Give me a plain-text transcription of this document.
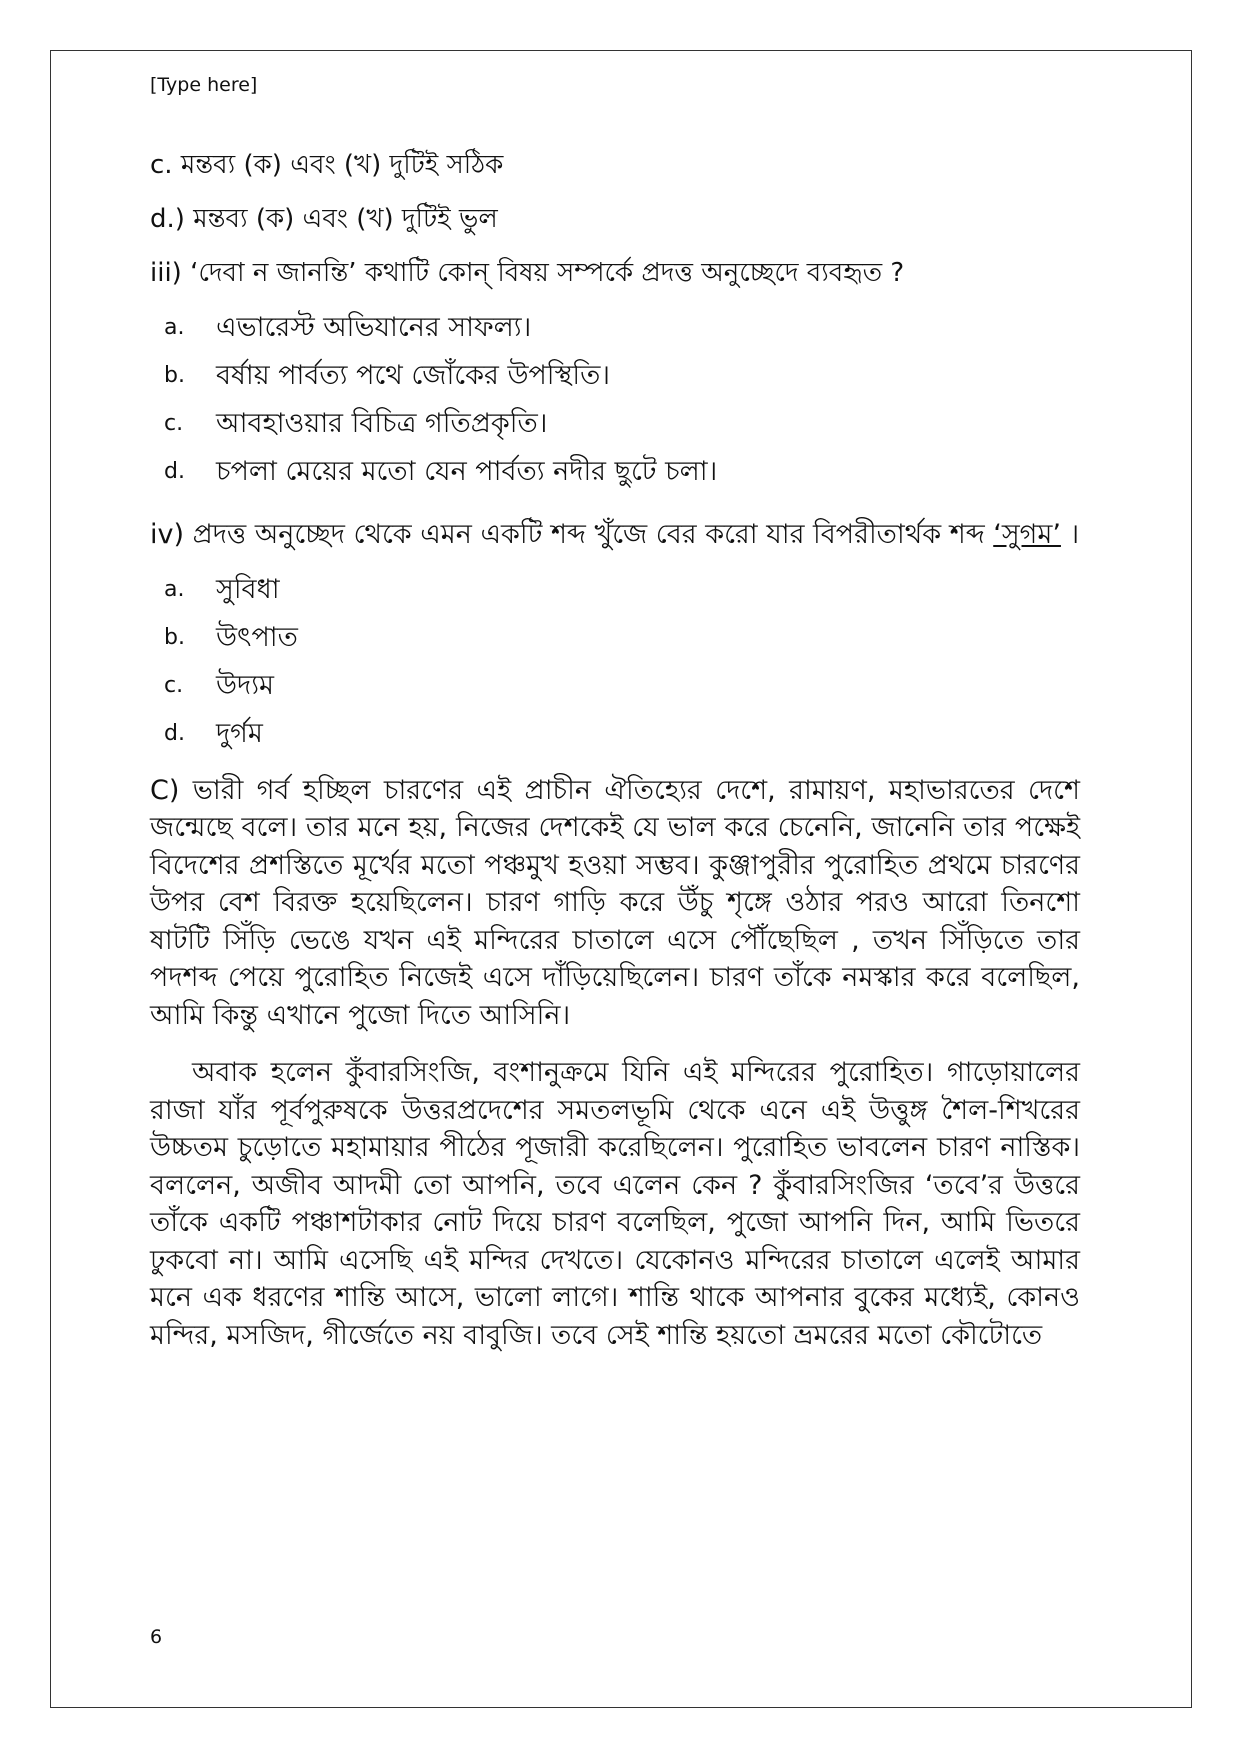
[Type here]
c. মন্তব্য (ক) এবং (খ) দুটিই সঠিক
d.) মন্তব্য (ক) এবং (খ) দুটিই ভুল
iii) ‘দেবা ন জানন্তি’ কথাটি কোন্ বিষয় সম্পর্কে প্রদত্ত অনুচ্ছেদে ব্যবহৃত ?
a.	এভারেস্ট অভিযানের সাফল্য।
b.	বর্ষায় পার্বত্য পথে জোঁকের উপস্থিতি।
c.	আবহাওয়ার বিচিত্র গতিপ্রকৃতি।
d.	চপলা মেয়ের মতো যেন পার্বত্য নদীর ছুটে চলা।
iv) প্রদত্ত অনুচ্ছেদ থেকে এমন একটি শব্দ খুঁজে বের করো যার বিপরীতার্থক শব্দ ‘সুগম’ ।
a.	সুবিধা
b.	উৎপাত
c.	উদ্যম
d.	দুর্গম

C) ভারী গর্ব হচ্ছিল চারণের এই প্রাচীন ঐতিহ্যের দেশে, রামায়ণ, মহাভারতের দেশে জন্মেছে বলে। তার মনে হয়, নিজের দেশকেই যে ভাল করে চেনেনি, জানেনি তার পক্ষেই বিদেশের প্রশস্তিতে মূর্খের মতো পঞ্চমুখ হওয়া সম্ভব। কুঞ্জাপুরীর পুরোহিত প্রথমে চারণের উপর বেশ বিরক্ত হয়েছিলেন। চারণ গাড়ি করে উঁচু শৃঙ্গে ওঠার পরও আরো তিনশো ষাটটি সিঁড়ি ভেঙে যখন এই মন্দিরের চাতালে এসে পৌঁছেছিল , তখন সিঁড়িতে তার পদশব্দ পেয়ে পুরোহিত নিজেই এসে দাঁড়িয়েছিলেন। চারণ তাঁকে নমস্কার করে বলেছিল, আমি কিন্তু এখানে পুজো দিতে আসিনি।

অবাক হলেন কুঁবারসিংজি, বংশানুক্রমে যিনি এই মন্দিরের পুরোহিত। গাড়োয়ালের রাজা যাঁর পূর্বপুরুষকে উত্তরপ্রদেশের সমতলভূমি থেকে এনে এই উত্তুঙ্গ শৈল-শিখরের উচ্চতম চুড়োতে মহামায়ার পীঠের পূজারী করেছিলেন। পুরোহিত ভাবলেন চারণ নাস্তিক। বললেন, অজীব আদমী তো আপনি, তবে এলেন কেন ? কুঁবারসিংজির ‘তবে’র উত্তরে তাঁকে একটি পঞ্চাশটাকার নোট দিয়ে চারণ বলেছিল, পুজো আপনি দিন, আমি ভিতরে ঢুকবো না। আমি এসেছি এই মন্দির দেখতে। যেকোনও মন্দিরের চাতালে এলেই আমার মনে এক ধরণের শান্তি আসে, ভালো লাগে। শান্তি থাকে আপনার বুকের মধ্যেই, কোনও মন্দির, মসজিদ, গীর্জেতে নয় বাবুজি। তবে সেই শান্তি হয়তো ভ্রমরের মতো কৌটোতে

6
